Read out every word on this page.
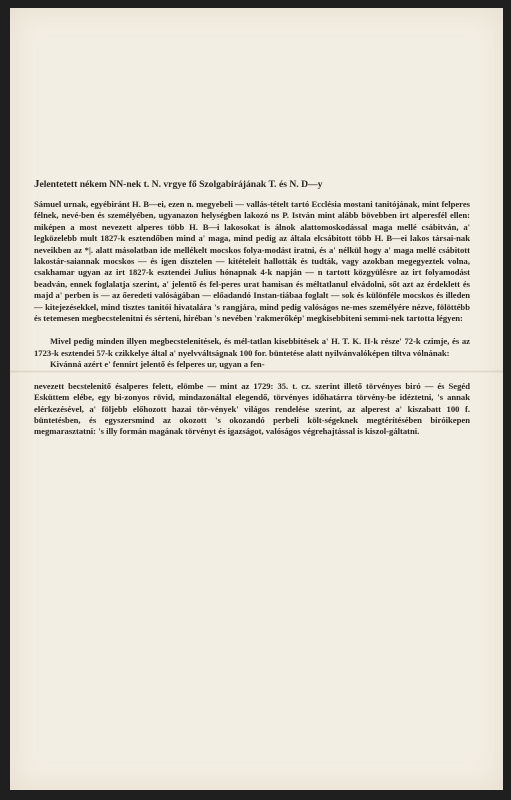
Jelentetett nékem NN-nek t. N. vrgye fő Szolgabirájának T. és N. D—y

Sámuel urnak, egyébiránt H. B—ei, ezen n. megyebeli — vallás-tételt tartó Ecclésia mostani tanitójának, mint felperes félnek, nevé-ben és személyében, ugyanazon helységben lakozó ns P. István mint alább bövebben irt alperesfél ellen: miképen a most nevezett alperes több H. B—i lakosokat is álnok alattomoskodással maga mellé csábitván, a' legközelebb mult 1827-k esztendőben mind a' maga, mind pedig az általa elcsábitott több H. B—ei lakos társai-nak neveikben az *|. alatt másolatban ide mellékelt mocskos folya-modást iratni, és a' nélkül hogy a' maga mellé csábitott lakostár-saiannak mocskos — és igen dísztelen — kitételeit hallották és tudták, vagy azokban megegyeztek volna, csakhamar ugyan az irt 1827-k esztendei Julius hónapnak 4-k napján — n tartott közgyülésre az irt folyamodást beadván, ennek foglalatja szerint, a' jelentő és fel-peres urat hamisan és méltatlanul elvádolni, sőt azt az érdeklett és majd a' perben is — az őeredeti valóságában — előadandó Instan-tiábaa foglalt — sok és különféle mocskos és illeden — kitejezésekkel, mind tisztes tanitói hivatalára 's rangjára, mind pedig valóságos ne-mes személyére nézve, fölöttébb és tetemesen megbecstelenitni és sérteni, hiréban 's nevében 'rakmerőkép' megkisebbiteni semmi-nek tartotta légyen:

Mivel pedig minden illyen megbecstelenitések, és mél-tatlan kisebbitések a' H. T. K. II-k része' 72-k czimje, és az 1723-k esztendei 57-k czikkelye által a' nyelvváltságnak 100 for. büntetése alatt nyilvánvalóképen tiltva vólnának:

Kivánná azért e' fennirt jelentő és felperes ur, ugyan a fen-

nevezett becstelenitő ésalperes felett, elömbe — mint az 1729: 35. t. cz. szerint illető törvényes biró — és Segéd Esküttem elébe, egy bi-zonyos rövid, mindazonáltal elegendő, törvényes időhatárra törvény-be idéztetni, 's annak elérkezésével, a' följebb előhozott hazai tör-vények' világos rendelése szerint, az alperest a' kiszabatt 100 f. büntetésben, és egyszersmind az okozott 's okozandó perbeli költ-ségeknek megtérítésében biróikepen megmarasztatni: 's illy formán magának törvényt és igazságot, valóságos végrehajtással is kiszol-gáltatni.
